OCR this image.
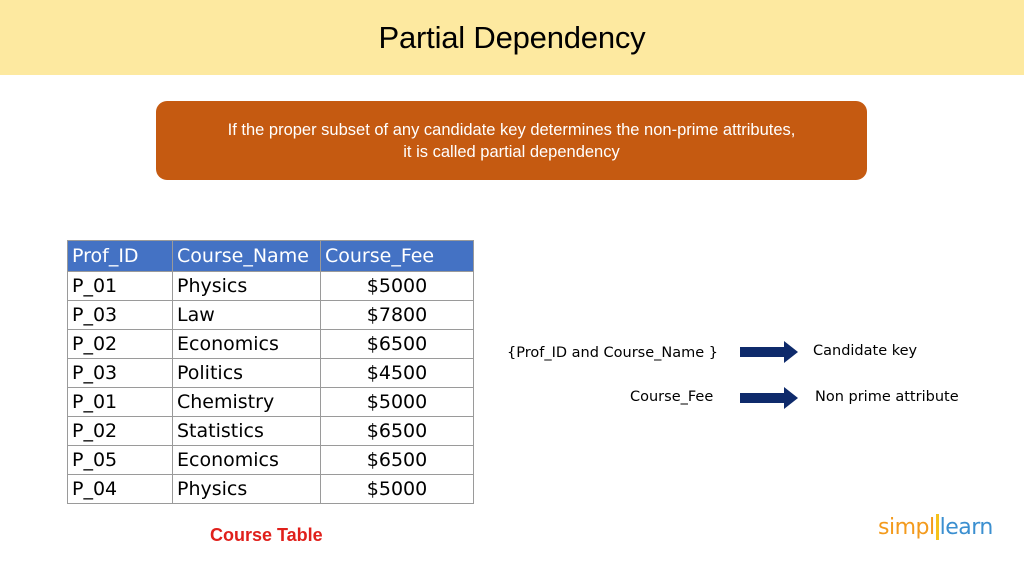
Partial Dependency
If the proper subset of any candidate key determines the non-prime attributes,
it is called partial dependency
Prof_ID	Course_Name	Course_Fee
P_01	Physics	$5000
P_03	Law	$7800
P_02	Economics	$6500
P_03	Politics	$4500
P_01	Chemistry	$5000
P_02	Statistics	$6500
P_05	Economics	$6500
P_04	Physics	$5000
Course Table
{Prof_ID and Course_Name }	Candidate key
Course_Fee	Non prime attribute
simpl learn
